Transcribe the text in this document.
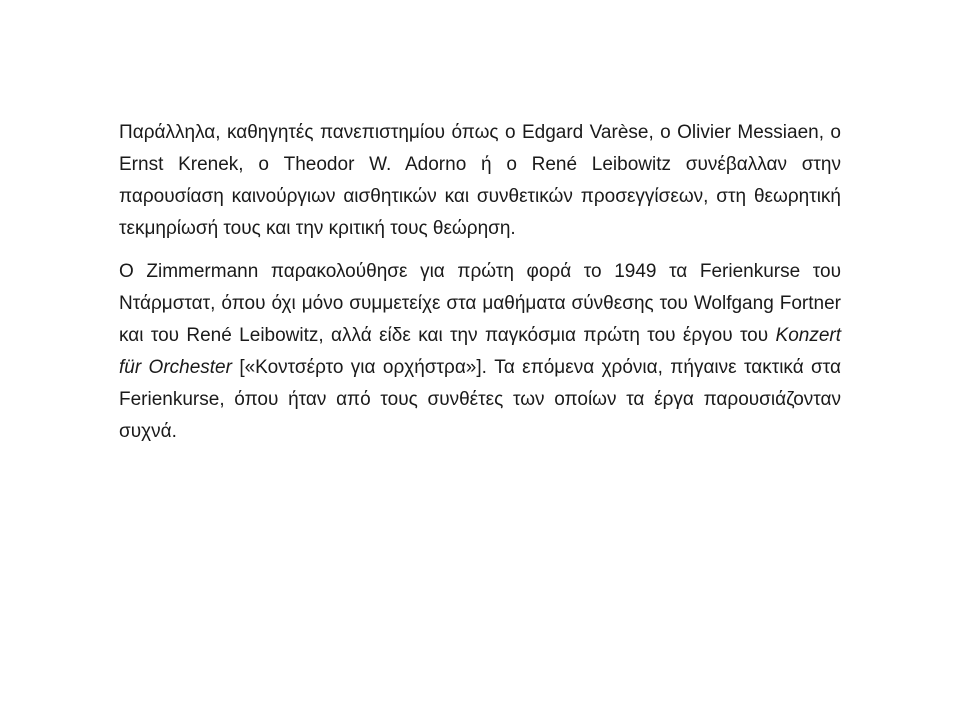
Παράλληλα, καθηγητές πανεπιστημίου όπως ο Edgard Varèse, ο Olivier Messiaen, ο Ernst Krenek, ο Theodor W. Adorno ή ο René Leibowitz συνέβαλλαν στην παρουσίαση καινούργιων αισθητικών και συνθετικών προσεγγίσεων, στη θεωρητική τεκμηρίωσή τους και την κριτική τους θεώρηση.

Ο Zimmermann παρακολούθησε για πρώτη φορά το 1949 τα Ferienkurse του Ντάρμστατ, όπου όχι μόνο συμμετείχε στα μαθήματα σύνθεσης του Wolfgang Fortner και του René Leibowitz, αλλά είδε και την παγκόσμια πρώτη του έργου του Konzert für Orchester [«Κοντσέρτο για ορχήστρα»]. Τα επόμενα χρόνια, πήγαινε τακτικά στα Ferienkurse, όπου ήταν από τους συνθέτες των οποίων τα έργα παρουσιάζονταν συχνά.
